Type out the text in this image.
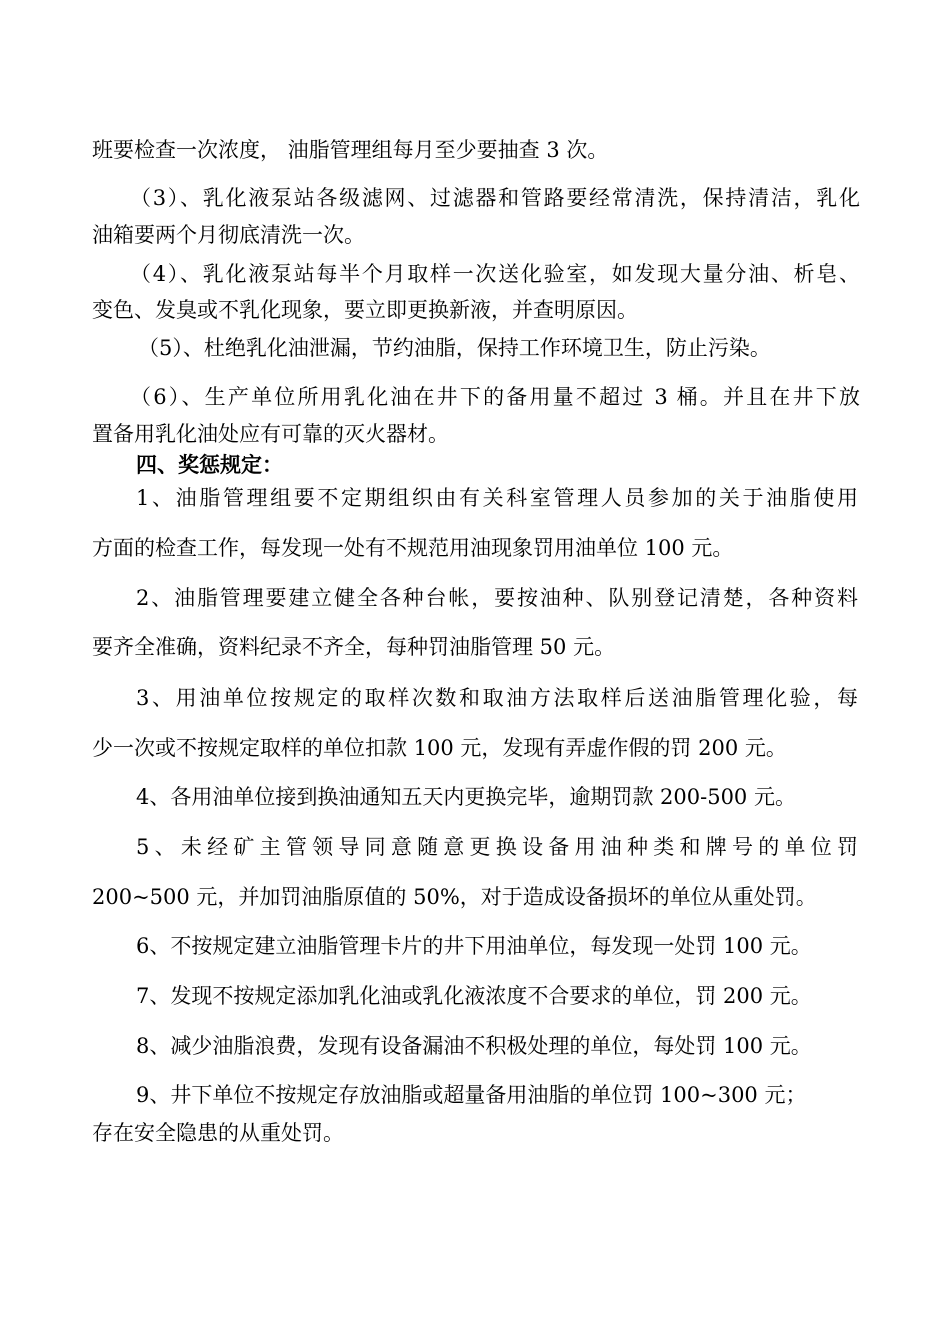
班要检查一次浓度， 油脂管理组每月至少要抽查 3 次。
（3）、乳化液泵站各级滤网、过滤器和管路要经常清洗，保持清洁，乳化
油箱要两个月彻底清洗一次。
（4）、乳化液泵站每半个月取样一次送化验室，如发现大量分油、析皂、
变色、发臭或不乳化现象，要立即更换新液，并查明原因。
（5）、杜绝乳化油泄漏，节约油脂，保持工作环境卫生，防止污染。
（6）、生产单位所用乳化油在井下的备用量不超过 3 桶。并且在井下放
置备用乳化油处应有可靠的灭火器材。
四、奖惩规定：
1、油脂管理组要不定期组织由有关科室管理人员参加的关于油脂使用
方面的检查工作，每发现一处有不规范用油现象罚用油单位 100 元。
2、油脂管理要建立健全各种台帐，要按油种、队别登记清楚，各种资料
要齐全准确，资料纪录不齐全，每种罚油脂管理 50 元。
3、用油单位按规定的取样次数和取油方法取样后送油脂管理化验，每
少一次或不按规定取样的单位扣款 100 元，发现有弄虚作假的罚 200 元。
4、各用油单位接到换油通知五天内更换完毕，逾期罚款 200-500 元。
5、未经矿主管领导同意随意更换设备用油种类和牌号的单位罚
200~500 元，并加罚油脂原值的 50%，对于造成设备损坏的单位从重处罚。
6、不按规定建立油脂管理卡片的井下用油单位，每发现一处罚 100 元。
7、发现不按规定添加乳化油或乳化液浓度不合要求的单位，罚 200 元。
8、减少油脂浪费，发现有设备漏油不积极处理的单位，每处罚 100 元。
9、井下单位不按规定存放油脂或超量备用油脂的单位罚 100~300 元；
存在安全隐患的从重处罚。
